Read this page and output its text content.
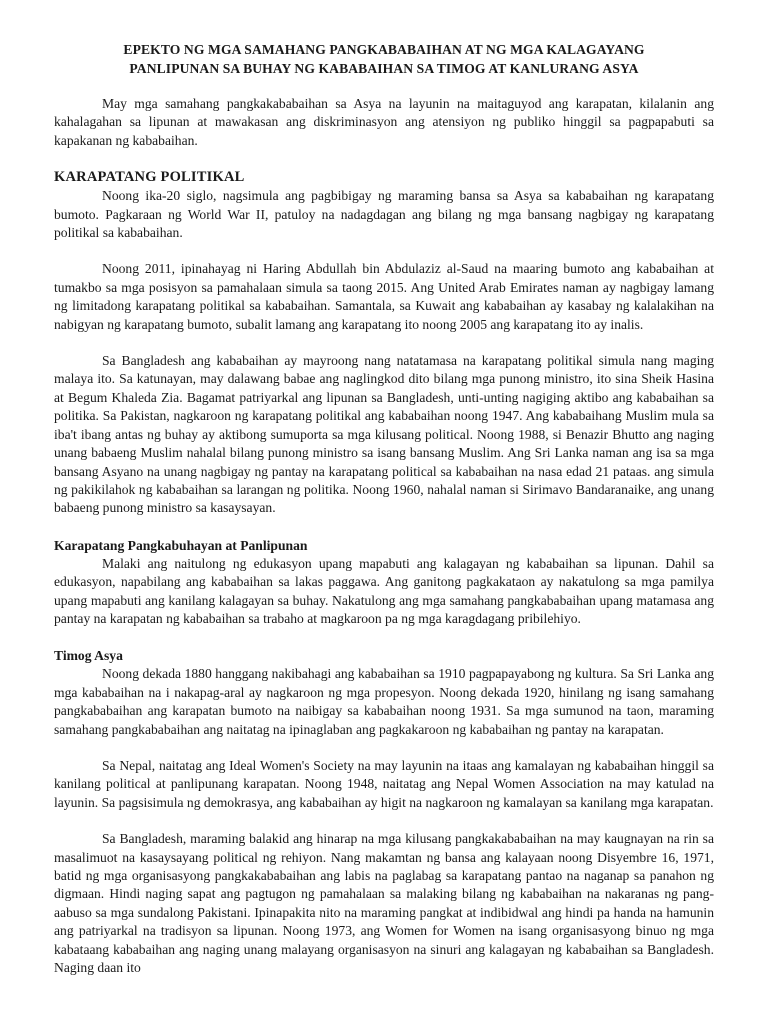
EPEKTO NG MGA SAMAHANG PANGKABABAIHAN AT NG MGA KALAGAYANG
PANLIPUNAN SA BUHAY NG KABABAIHAN SA TIMOG AT KANLURANG ASYA

May mga samahang pangkakababaihan sa Asya na layunin na maitaguyod ang karapatan, kilalanin ang kahalagahan sa lipunan at mawakasan ang diskriminasyon ang atensiyon ng publiko hinggil sa pagpapabuti sa kapakanan ng kababaihan.

KARAPATANG POLITIKAL

Noong ika-20 siglo, nagsimula ang pagbibigay ng maraming bansa sa Asya sa kababaihan ng karapatang bumoto. Pagkaraan ng World War II, patuloy na nadagdagan ang bilang ng mga bansang nagbigay ng karapatang politikal sa kababaihan.

Noong 2011, ipinahayag ni Haring Abdullah bin Abdulaziz al-Saud na maaring bumoto ang kababaihan at tumakbo sa mga posisyon sa pamahalaan simula sa taong 2015. Ang United Arab Emirates naman ay nagbigay lamang ng limitadong karapatang politikal sa kababaihan. Samantala, sa Kuwait ang kababaihan ay kasabay ng kalalakihan na nabigyan ng karapatang bumoto, subalit lamang ang karapatang ito noong 2005 ang karapatang ito ay inalis.

Sa Bangladesh ang kababaihan ay mayroong nang natatamasa na karapatang politikal simula nang maging malaya ito. Sa katunayan, may dalawang babae ang naglingkod dito bilang mga punong ministro, ito sina Sheik Hasina at Begum Khaleda Zia. Bagamat patriyarkal ang lipunan sa Bangladesh, unti-unting nagiging aktibo ang kababaihan sa politika. Sa Pakistan, nagkaroon ng karapatang politikal ang kababaihan noong 1947. Ang kababaihang Muslim mula sa iba't ibang antas ng buhay ay aktibong sumuporta sa mga kilusang political. Noong 1988, si Benazir Bhutto ang naging unang babaeng Muslim nahalal bilang punong ministro sa isang bansang Muslim. Ang Sri Lanka naman ang isa sa mga bansang Asyano na unang nagbigay ng pantay na karapatang political sa kababaihan na nasa edad 21 pataas. ang simula ng pakikilahok ng kababaihan sa larangan ng politika. Noong 1960, nahalal naman si Sirimavo Bandaranaike, ang unang babaeng punong ministro sa kasaysayan.

Karapatang Pangkabuhayan at Panlipunan

Malaki ang naitulong ng edukasyon upang mapabuti ang kalagayan ng kababaihan sa lipunan. Dahil sa edukasyon, napabilang ang kababaihan sa lakas paggawa. Ang ganitong pagkakataon ay nakatulong sa mga pamilya upang mapabuti ang kanilang kalagayan sa buhay. Nakatulong ang mga samahang pangkababaihan upang matamasa ang pantay na karapatan ng kababaihan sa trabaho at magkaroon pa ng mga karagdagang pribilehiyo.

Timog Asya

Noong dekada 1880 hanggang nakibahagi ang kababaihan sa 1910 pagpapayabong ng kultura. Sa Sri Lanka ang mga kababaihan na i nakapag-aral ay nagkaroon ng mga propesyon. Noong dekada 1920, hinilang ng isang samahang pangkababaihan ang karapatan bumoto na naibigay sa kababaihan noong 1931. Sa mga sumunod na taon, maraming samahang pangkababaihan ang naitatag na ipinaglaban ang pagkakaroon ng kababaihan ng pantay na karapatan.

Sa Nepal, naitatag ang Ideal Women's Society na may layunin na itaas ang kamalayan ng kababaihan hinggil sa kanilang political at panlipunang karapatan. Noong 1948, naitatag ang Nepal Women Association na may katulad na layunin. Sa pagsisimula ng demokrasya, ang kababaihan ay higit na nagkaroon ng kamalayan sa kanilang mga karapatan.

Sa Bangladesh, maraming balakid ang hinarap na mga kilusang pangkakababaihan na may kaugnayan na rin sa masalimuot na kasaysayang political ng rehiyon. Nang makamtan ng bansa ang kalayaan noong Disyembre 16, 1971, batid ng mga organisasyong pangkakababaihan ang labis na paglabag sa karapatang pantao na naganap sa panahon ng digmaan. Hindi naging sapat ang pagtugon ng pamahalaan sa malaking bilang ng kababaihan na nakaranas ng pang-aabuso sa mga sundalong Pakistani. Ipinapakita nito na maraming pangkat at indibidwal ang hindi pa handa na hamunin ang patriyarkal na tradisyon sa lipunan. Noong 1973, ang Women for Women na isang organisasyong binuo ng mga kabataang kababaihan ang naging unang malayang organisasyon na sinuri ang kalagayan ng kababaihan sa Bangladesh. Naging daan ito
